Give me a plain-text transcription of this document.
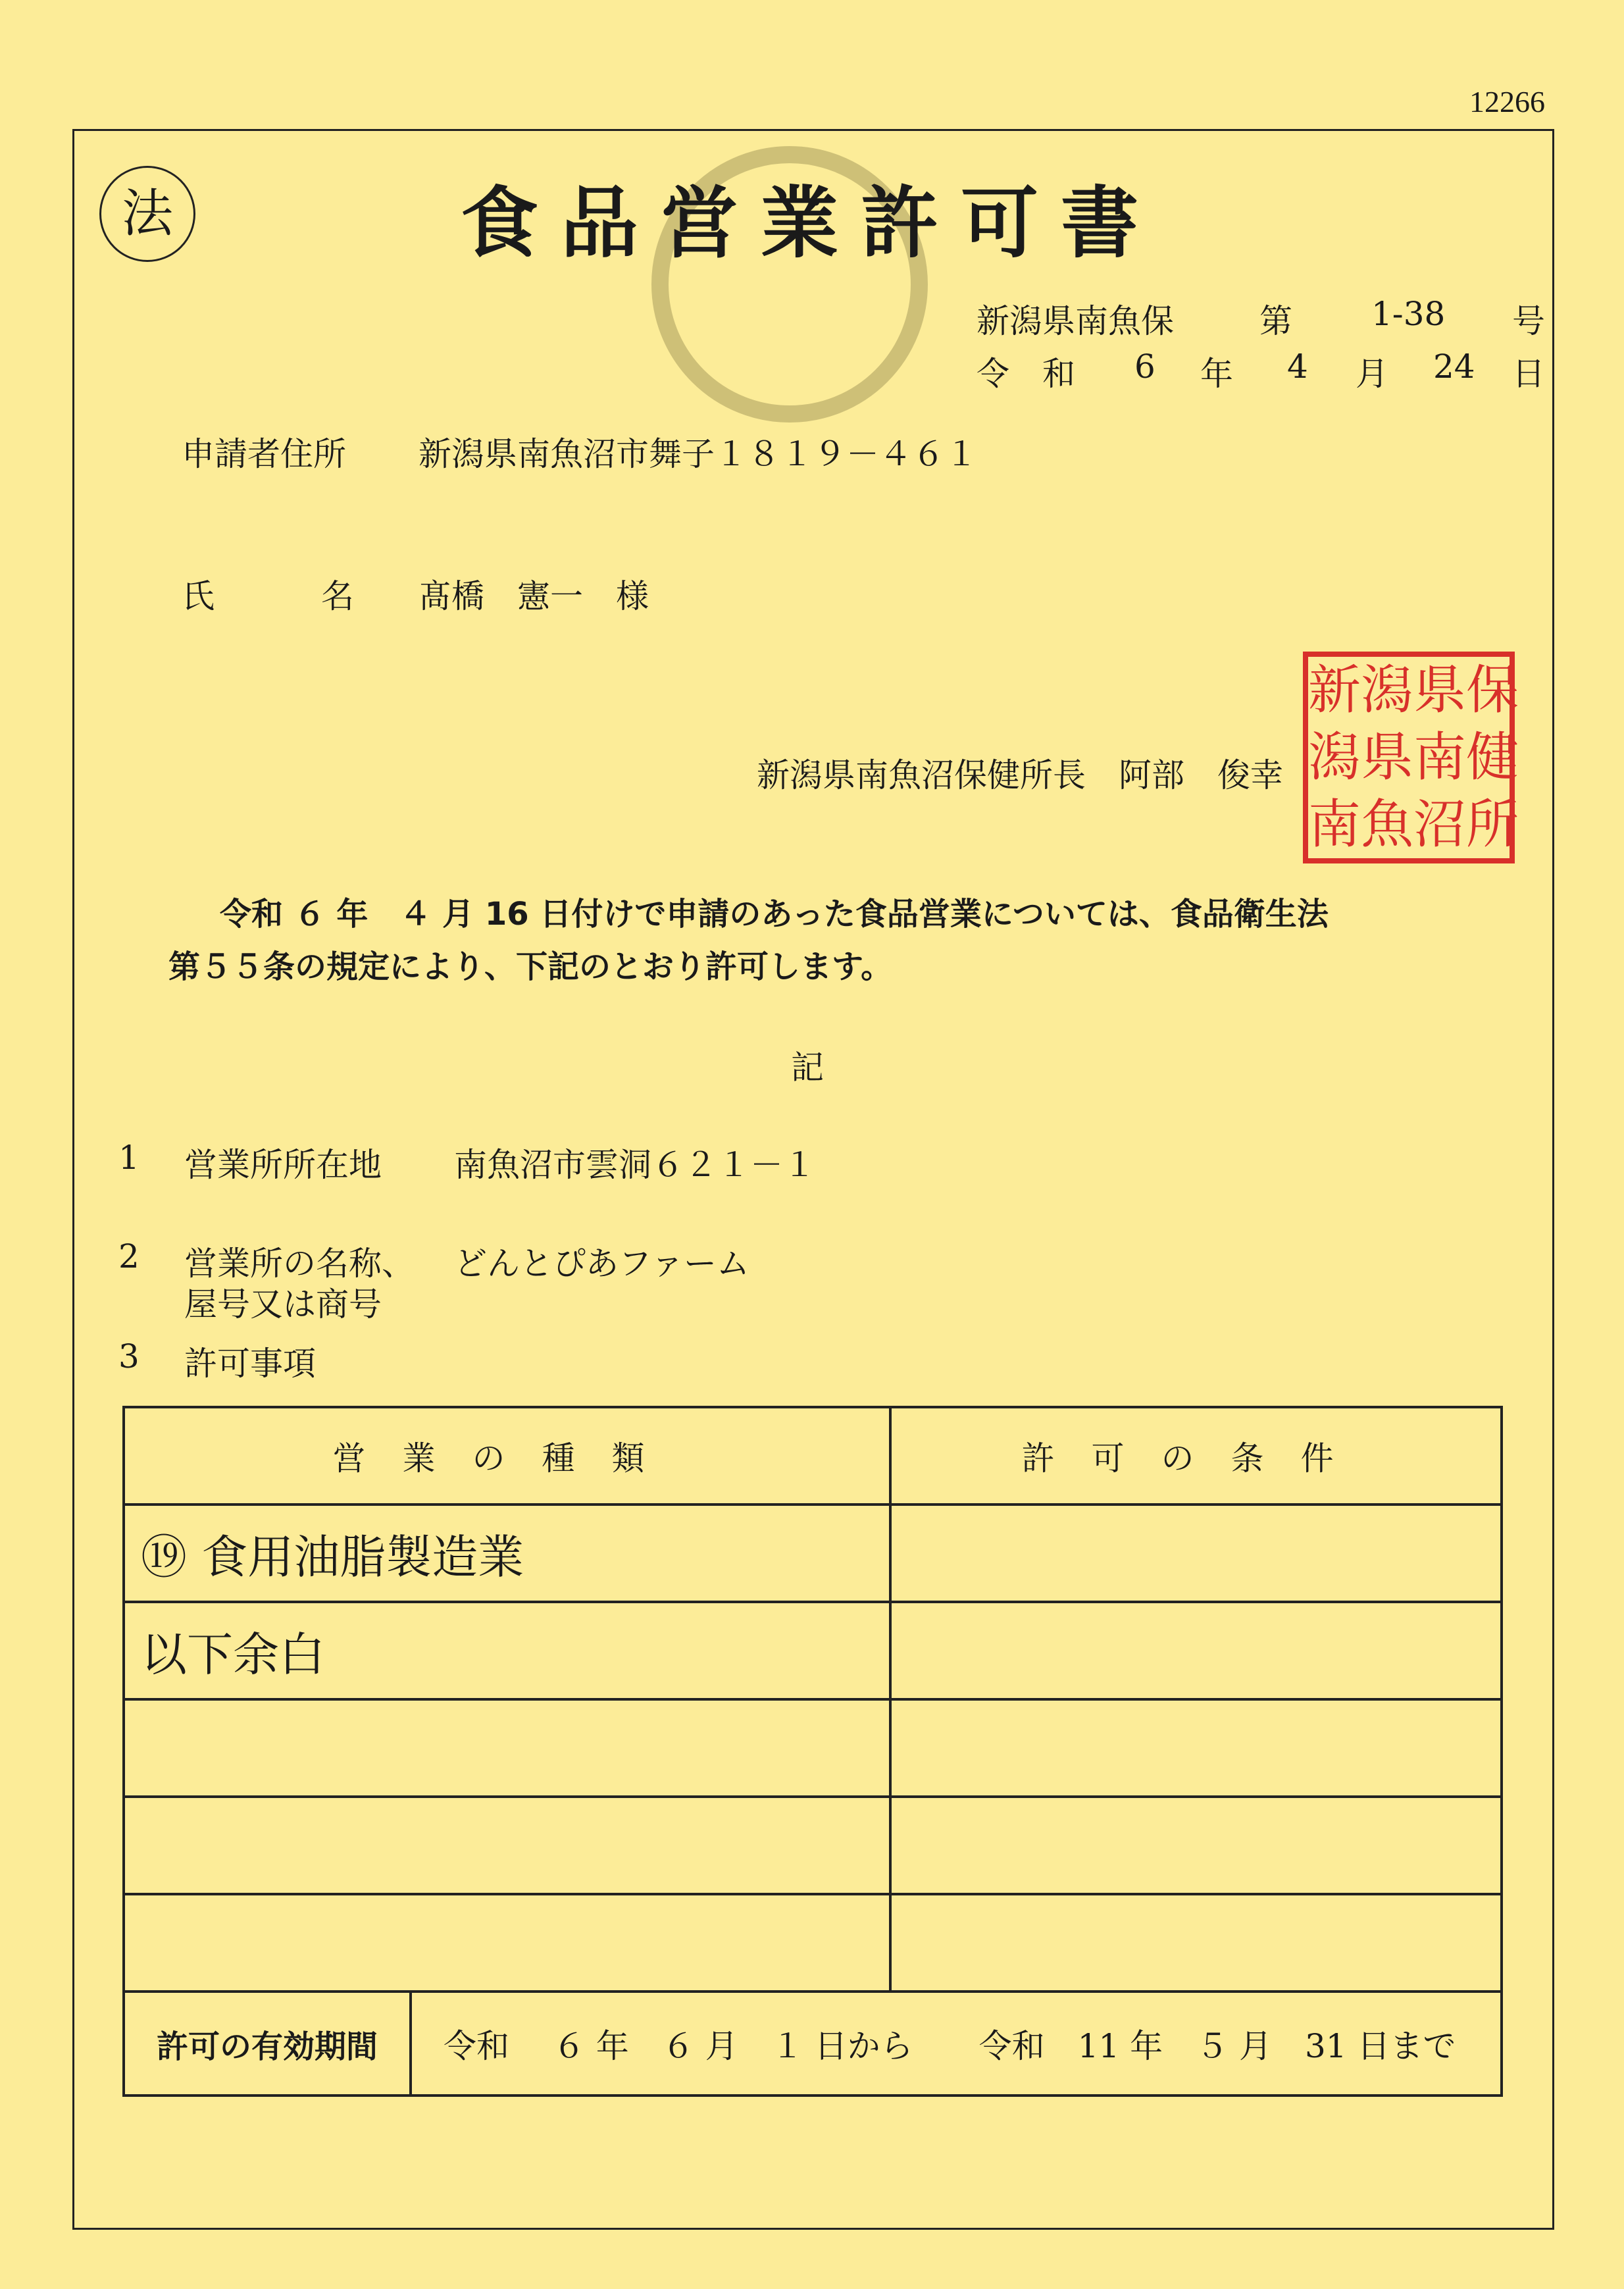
12266
法	食品営業許可書
新潟県南魚保	第 1-38 号
令　和 6 年 4 月 24 日
申請者住所 新潟県南魚沼市舞子１８１９－４６１
氏	名 髙橋　憲一　様
新潟県南魚沼保健所長　阿部　俊幸
新 潟 県 保
潟 県 南 健
南 魚 沼 所
令和 ６ 年　４ 月 16 日付けで申請のあった食品営業については、食品衛生法
第５５条の規定により、下記のとおり許可します。
記
1 営業所所在地 南魚沼市雲洞６２１－１
2 営業所の名称、 どんとぴあファーム
屋号又は商号
3 許可事項
営業の種類	許可の条件
⑲ 食用油脂製造業	
以下余白	

許可の有効期間	令和　 ６ 年　６ 月　１ 日から　　令和　11 年　５ 月　31 日まで
